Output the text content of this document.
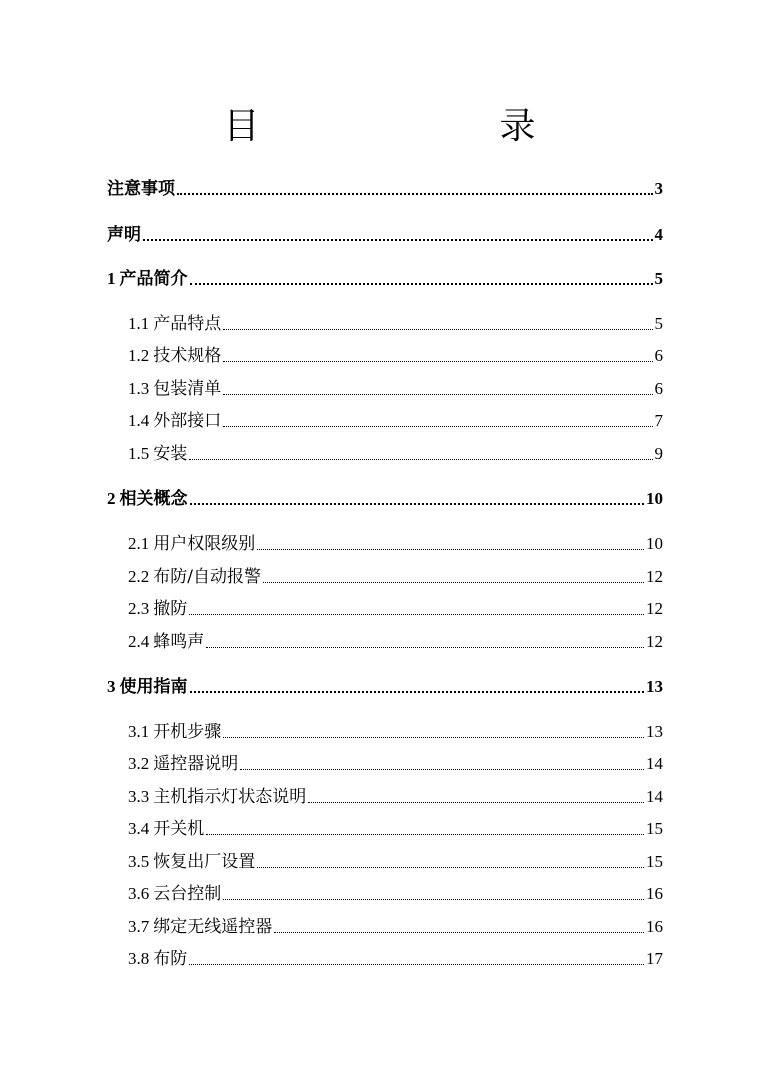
目　　录
注意事项	3
声明	4
1 产品简介	5
1.1 产品特点	5
1.2 技术规格	6
1.3 包装清单	6
1.4 外部接口	7
1.5 安装	9
2 相关概念	10
2.1 用户权限级别	10
2.2 布防/自动报警	12
2.3 撤防	12
2.4 蜂鸣声	12
3 使用指南	13
3.1 开机步骤	13
3.2 遥控器说明	14
3.3 主机指示灯状态说明	14
3.4 开关机	15
3.5 恢复出厂设置	15
3.6 云台控制	16
3.7 绑定无线遥控器	16
3.8 布防	17
